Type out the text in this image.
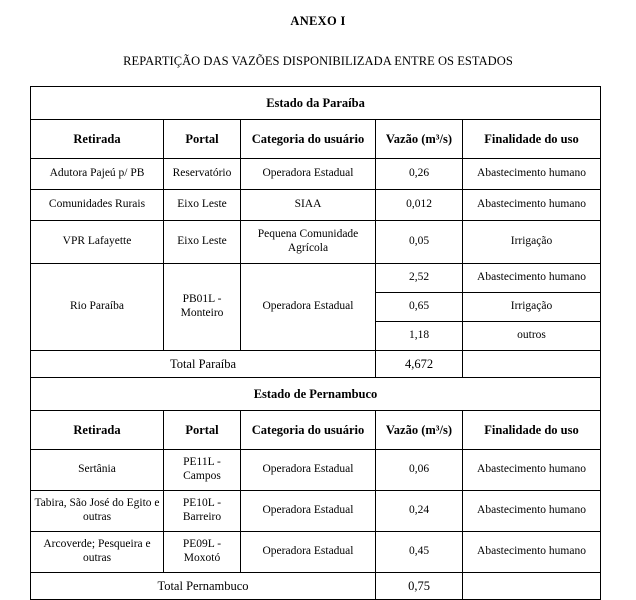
ANEXO I
REPARTIÇÃO DAS VAZÕES DISPONIBILIZADA ENTRE OS ESTADOS
Estado da Paraíba				
Retirada	Portal	Categoria do usuário	Vazão (m³/s)	Finalidade do uso
Adutora Pajeú p/ PB	Reservatório	Operadora Estadual	0,26	Abastecimento humano
Comunidades Rurais	Eixo Leste	SIAA	0,012	Abastecimento humano
VPR Lafayette	Eixo Leste	Pequena Comunidade Agrícola	0,05	Irrigação
Rio Paraíba	PB01L - Monteiro	Operadora Estadual	2,52	Abastecimento humano
			0,65	Irrigação
			1,18	outros
Total Paraíba			4,672	
Estado de Pernambuco				
Retirada	Portal	Categoria do usuário	Vazão (m³/s)	Finalidade do uso
Sertânia	PE11L - Campos	Operadora Estadual	0,06	Abastecimento humano
Tabira, São José do Egito e outras	PE10L - Barreiro	Operadora Estadual	0,24	Abastecimento humano
Arcoverde; Pesqueira e outras	PE09L - Moxotó	Operadora Estadual	0,45	Abastecimento humano
Total Pernambuco			0,75	
